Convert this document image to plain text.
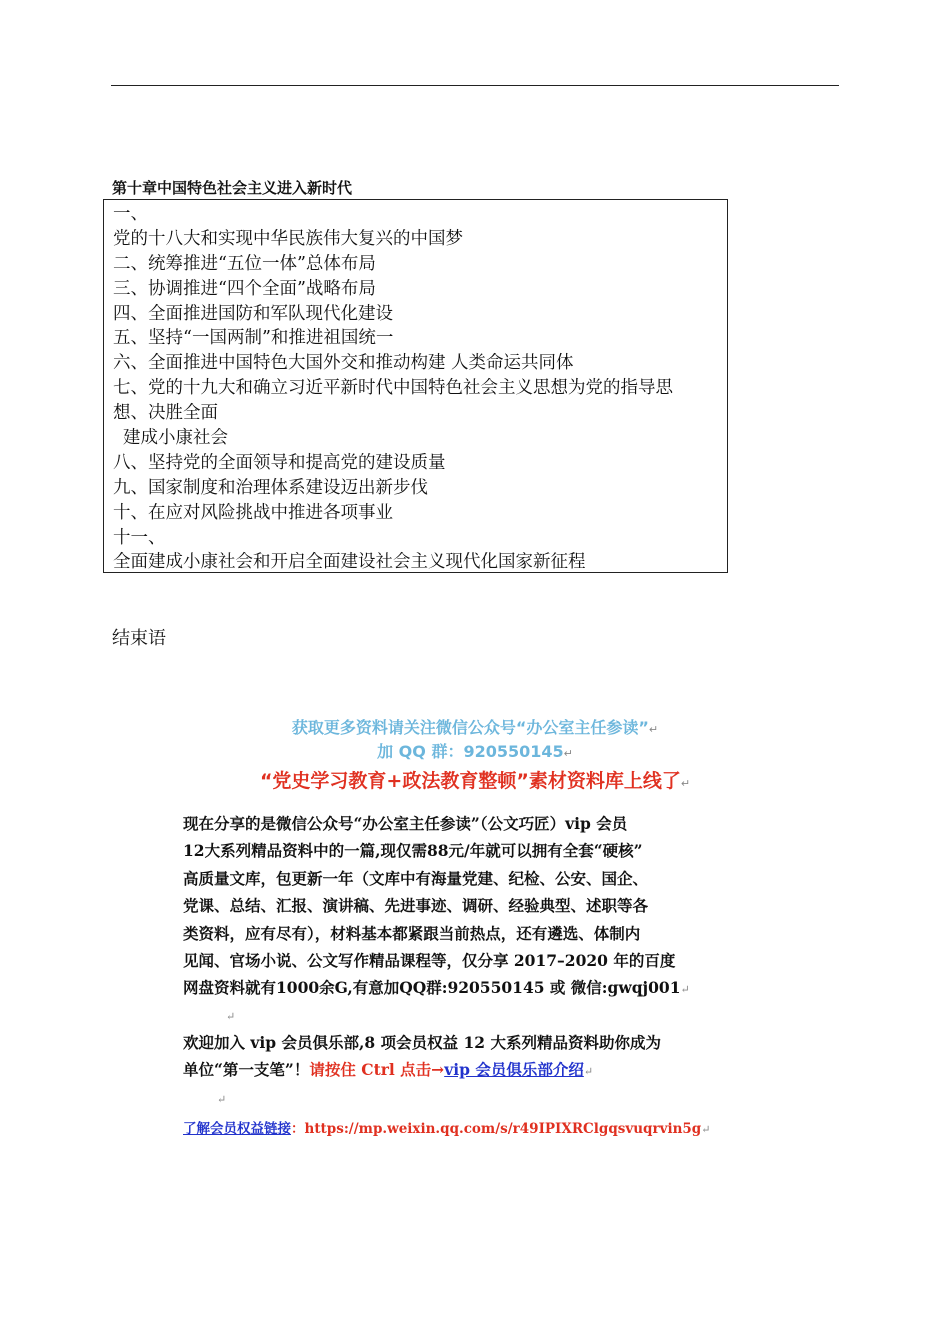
第十章中国特色社会主义进入新时代
一、
党的十八大和实现中华民族伟大复兴的中国梦
二、统筹推进“五位一体”总体布局
三、协调推进“四个全面”战略布局
四、全面推进国防和军队现代化建设
五、坚持“一国两制”和推进祖国统一
六、全面推进中国特色大国外交和推动构建 人类命运共同体
七、党的十九大和确立习近平新时代中国特色社会主义思想为党的指导思
想、决胜全面
建成小康社会
八、坚持党的全面领导和提高党的建设质量
九、国家制度和治理体系建设迈出新步伐
十、在应对风险挑战中推进各项事业
十一、
全面建成小康社会和开启全面建设社会主义现代化国家新征程
结束语
获取更多资料请关注微信公众号“办公室主任参读”↵
加 QQ 群：920550145↵
“党史学习教育+政法教育整顿”素材资料库上线了↵
现在分享的是微信公众号“办公室主任参读”（公文巧匠）vip 会员
12大系列精品资料中的一篇,现仅需88元/年就可以拥有全套“硬核”
高质量文库，包更新一年（文库中有海量党建、纪检、公安、国企、
党课、总结、汇报、演讲稿、先进事迹、调研、经验典型、述职等各
类资料，应有尽有），材料基本都紧跟当前热点，还有遴选、体制内
见闻、官场小说、公文写作精品课程等，仅分享 2017–2020 年的百度
网盘资料就有1000余G,有意加QQ群:920550145 或 微信:gwqj001↵
↵
欢迎加入 vip 会员俱乐部,8 项会员权益 12 大系列精品资料助你成为
单位“第一支笔”！请按住 Ctrl 点击→vip 会员俱乐部介绍↵
↵
了解会员权益链接：https://mp.weixin.qq.com/s/r49IPIXRClgqsvuqrvin5g↵
